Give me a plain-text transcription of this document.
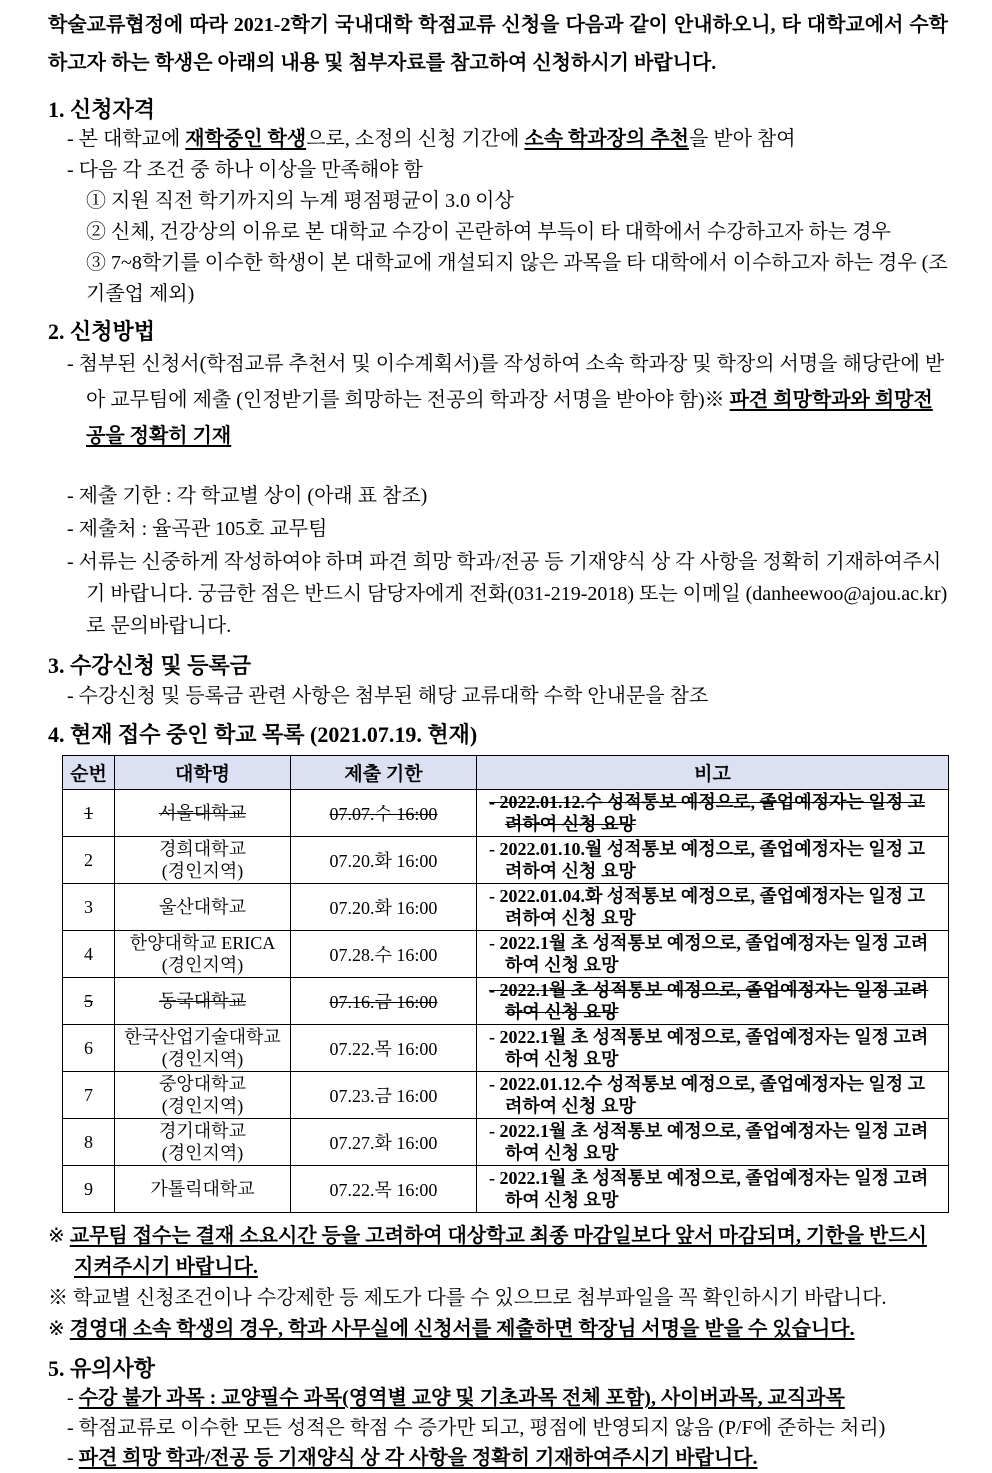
학술교류협정에 따라 2021-2학기 국내대학 학점교류 신청을 다음과 같이 안내하오니, 타 대학교에서 수학하고자 하는 학생은 아래의 내용 및 첨부자료를 참고하여 신청하시기 바랍니다.
1. 신청자격
- 본 대학교에 재학중인 학생으로, 소정의 신청 기간에 소속 학과장의 추천을 받아 참여
- 다음 각 조건 중 하나 이상을 만족해야 함
① 지원 직전 학기까지의 누계 평점평균이 3.0 이상
② 신체, 건강상의 이유로 본 대학교 수강이 곤란하여 부득이 타 대학에서 수강하고자 하는 경우
③ 7~8학기를 이수한 학생이 본 대학교에 개설되지 않은 과목을 타 대학에서 이수하고자 하는 경우 (조기졸업 제외)
2. 신청방법
- 첨부된 신청서(학점교류 추천서 및 이수계획서)를 작성하여 소속 학과장 및 학장의 서명을 해당란에 받아 교무팀에 제출 (인정받기를 희망하는 전공의 학과장 서명을 받아야 함)※ 파견 희망학과와 희망전공을 정확히 기재
- 제출 기한 : 각 학교별 상이 (아래 표 참조)
- 제출처 : 율곡관 105호 교무팀
- 서류는 신중하게 작성하여야 하며 파견 희망 학과/전공 등 기재양식 상 각 사항을 정확히 기재하여주시기 바랍니다. 궁금한 점은 반드시 담당자에게 전화(031-219-2018) 또는 이메일 (danheewoo@ajou.ac.kr)로 문의바랍니다.
3. 수강신청 및 등록금
- 수강신청 및 등록금 관련 사항은 첨부된 해당 교류대학 수학 안내문을 참조
4. 현재 접수 중인 학교 목록 (2021.07.19. 현재)
순번	대학명	제출 기한	비고
1	서울대학교	07.07.수 16:00	- 2022.01.12.수 성적통보 예정으로, 졸업예정자는 일정 고려하여 신청 요망

2	경희대학교
(경인지역)	07.20.화 16:00	- 2022.01.10.월 성적통보 예정으로, 졸업예정자는 일정 고려하여 신청 요망

3	울산대학교	07.20.화 16:00	- 2022.01.04.화 성적통보 예정으로, 졸업예정자는 일정 고려하여 신청 요망

4	한양대학교 ERICA
(경인지역)	07.28.수 16:00	- 2022.1월 초 성적통보 예정으로, 졸업예정자는 일정 고려하여 신청 요망

5	동국대학교	07.16.금 16:00	- 2022.1월 초 성적통보 예정으로, 졸업예정자는 일정 고려하여 신청 요망

6	한국산업기술대학교
(경인지역)	07.22.목 16:00	- 2022.1월 초 성적통보 예정으로, 졸업예정자는 일정 고려하여 신청 요망

7	중앙대학교
(경인지역)	07.23.금 16:00	- 2022.01.12.수 성적통보 예정으로, 졸업예정자는 일정 고려하여 신청 요망

8	경기대학교
(경인지역)	07.27.화 16:00	- 2022.1월 초 성적통보 예정으로, 졸업예정자는 일정 고려하여 신청 요망

9	가톨릭대학교	07.22.목 16:00	- 2022.1월 초 성적통보 예정으로, 졸업예정자는 일정 고려하여 신청 요망
※ 교무팀 접수는 결재 소요시간 등을 고려하여 대상학교 최종 마감일보다 앞서 마감되며, 기한을 반드시 지켜주시기 바랍니다.
※ 학교별 신청조건이나 수강제한 등 제도가 다를 수 있으므로 첨부파일을 꼭 확인하시기 바랍니다.
※ 경영대 소속 학생의 경우, 학과 사무실에 신청서를 제출하면 학장님 서명을 받을 수 있습니다.
5. 유의사항
- 수강 불가 과목 : 교양필수 과목(영역별 교양 및 기초과목 전체 포함), 사이버과목, 교직과목
- 학점교류로 이수한 모든 성적은 학점 수 증가만 되고, 평점에 반영되지 않음 (P/F에 준하는 처리)
- 파견 희망 학과/전공 등 기재양식 상 각 사항을 정확히 기재하여주시기 바랍니다.
